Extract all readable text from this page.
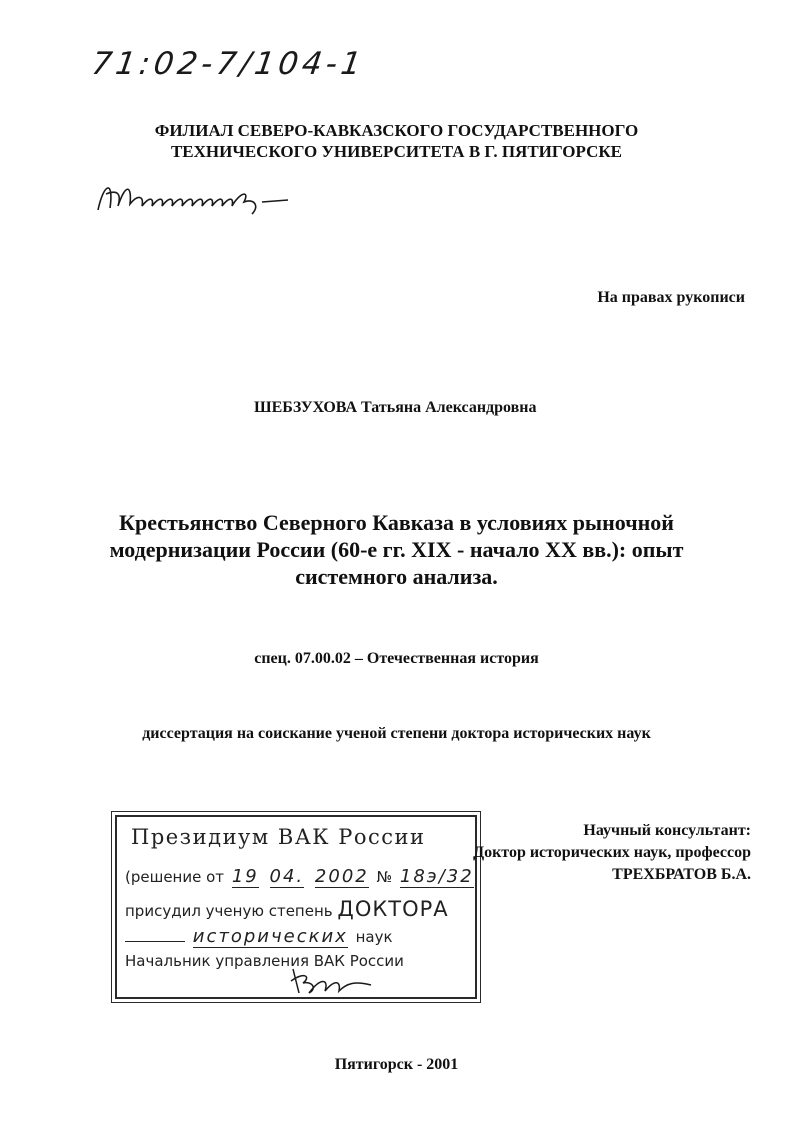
71:02-7/104-1
ФИЛИАЛ СЕВЕРО-КАВКАЗСКОГО ГОСУДАРСТВЕННОГО
ТЕХНИЧЕСКОГО УНИВЕРСИТЕТА В Г. ПЯТИГОРСКЕ
На правах рукописи
ШЕБЗУХОВА Татьяна Александровна
Крестьянство Северного Кавказа в условиях рыночной
модернизации России (60-е гг. XIX - начало XX вв.): опыт
системного анализа.
спец. 07.00.02 – Отечественная история
диссертация на соискание ученой степени доктора исторических наук
Президиум ВАК России
(решение от 19 04. 2002 № 18э/32
присудил ученую степень ДОКТОРА
исторических наук
Начальник управления ВАК России
Научный консультант:
Доктор исторических наук, профессор
ТРЕХБРАТОВ Б.А.
Пятигорск - 2001
